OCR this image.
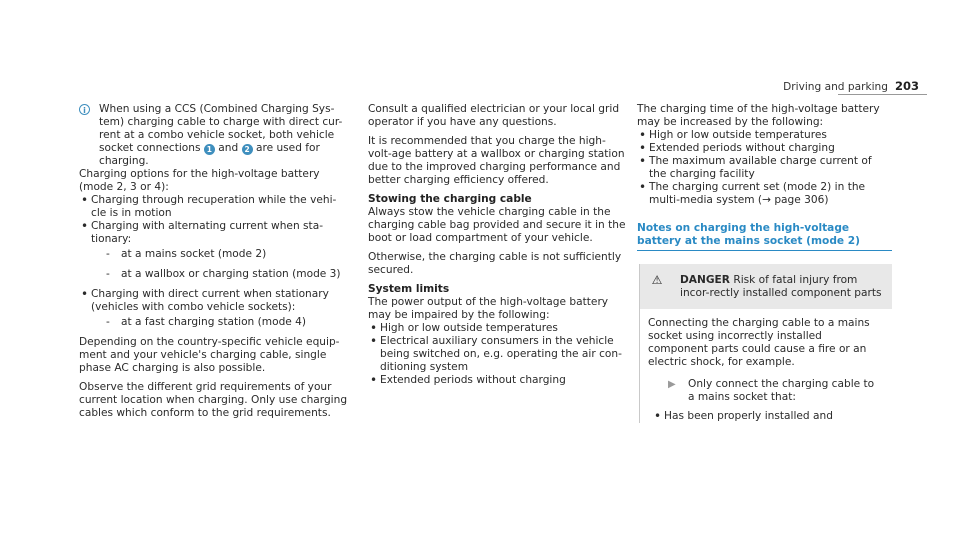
Driving and parking 203
i	When using a CCS (Combined Charging Sys-tem) charging cable to charge with direct cur-rent at a combo vehicle socket, both vehicle socket connections 1 and 2 are used for charging.

Charging options for the high-voltage battery (mode 2, 3 or 4):

• Charging through recuperation while the vehi-cle is in motion
• Charging with alternating current when sta-tionary:
- at a mains socket (mode 2)
- at a wallbox or charging station (mode 3)
• Charging with direct current when stationary (vehicles with combo vehicle sockets):
- at a fast charging station (mode 4)

Depending on the country-specific vehicle equip-ment and your vehicle's charging cable, single phase AC charging is also possible.

Observe the different grid requirements of your current location when charging. Only use charging cables which conform to the grid requirements.

Consult a qualified electrician or your local grid operator if you have any questions.

It is recommended that you charge the high-volt-age battery at a wallbox or charging station due to the improved charging performance and better charging efficiency offered.

Stowing the charging cable

Always stow the vehicle charging cable in the charging cable bag provided and secure it in the boot or load compartment of your vehicle.

Otherwise, the charging cable is not sufficiently secured.

System limits

The power output of the high-voltage battery may be impaired by the following:

• High or low outside temperatures
• Electrical auxiliary consumers in the vehicle being switched on, e.g. operating the air con-ditioning system
• Extended periods without charging

The charging time of the high-voltage battery may be increased by the following:

• High or low outside temperatures
• Extended periods without charging
• The maximum available charge current of the charging facility
• The charging current set (mode 2) in the multi-media system (→ page 306)
Notes on charging the high-voltage battery at the mains socket (mode 2)
⚠	DANGER Risk of fatal injury from incor-rectly installed component parts

Connecting the charging cable to a mains socket using incorrectly installed component parts could cause a fire or an electric shock, for example.

▶	Only connect the charging cable to a mains socket that:
• Has been properly installed and
